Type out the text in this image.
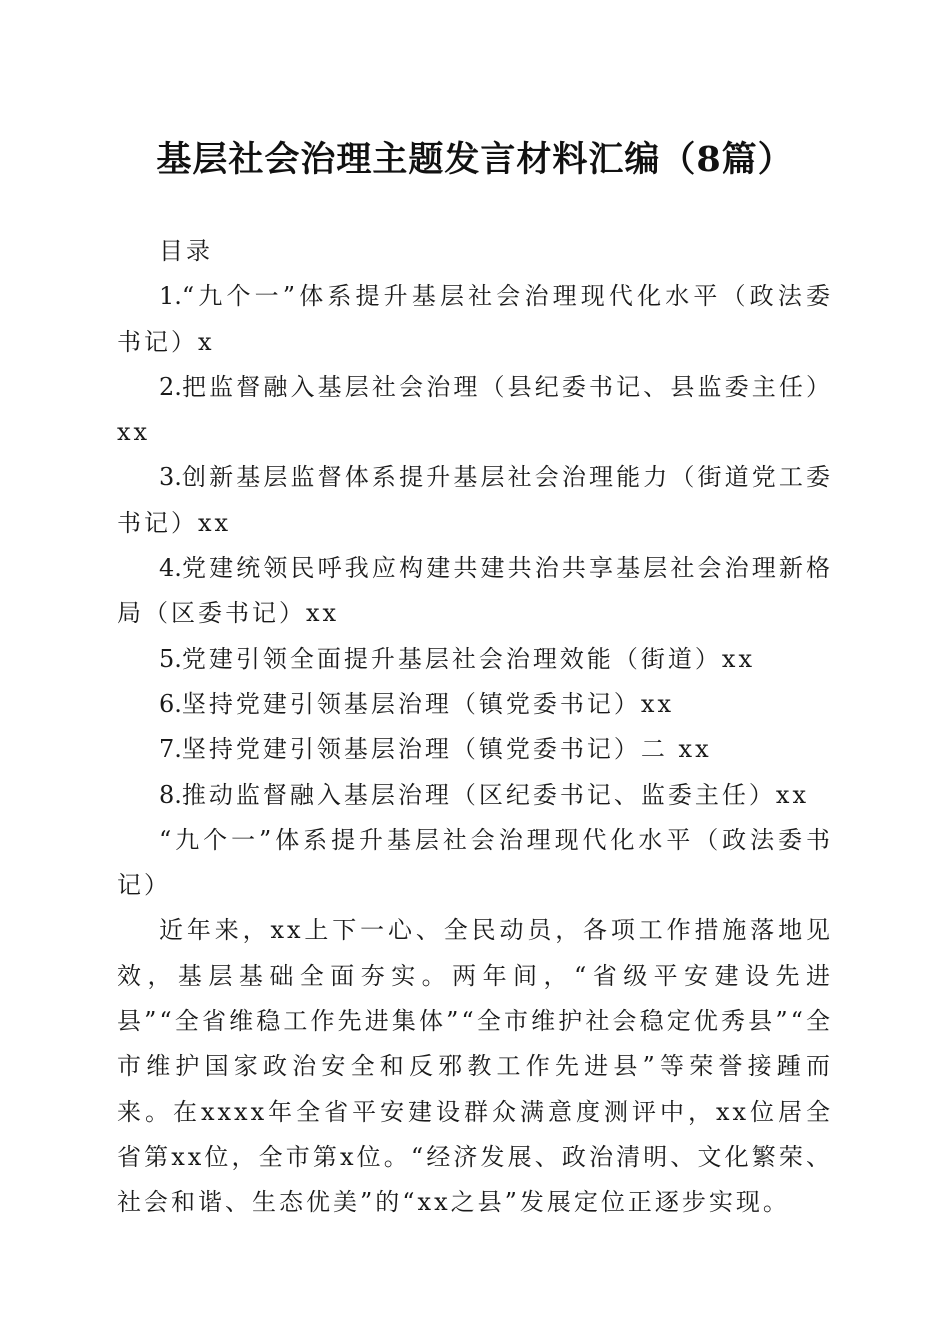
基层社会治理主题发言材料汇编（8篇）

目录

1.“九个一”体系提升基层社会治理现代化水平（政法委书记）x

2.把监督融入基层社会治理（县纪委书记、县监委主任）xx

3.创新基层监督体系提升基层社会治理能力（街道党工委书记）xx

4.党建统领民呼我应构建共建共治共享基层社会治理新格局（区委书记）xx

5.党建引领全面提升基层社会治理效能（街道）xx

6.坚持党建引领基层治理（镇党委书记）xx

7.坚持党建引领基层治理（镇党委书记）二 xx

8.推动监督融入基层治理（区纪委书记、监委主任）xx

“九个一”体系提升基层社会治理现代化水平（政法委书记）

近年来，xx上下一心、全民动员，各项工作措施落地见效，基层基础全面夯实。两年间，“省级平安建设先进县”“全省维稳工作先进集体”“全市维护社会稳定优秀县”“全市维护国家政治安全和反邪教工作先进县”等荣誉接踵而来。在xxxx年全省平安建设群众满意度测评中，xx位居全省第xx位，全市第x位。“经济发展、政治清明、文化繁荣、社会和谐、生态优美”的“xx之县”发展定位正逐步实现。
